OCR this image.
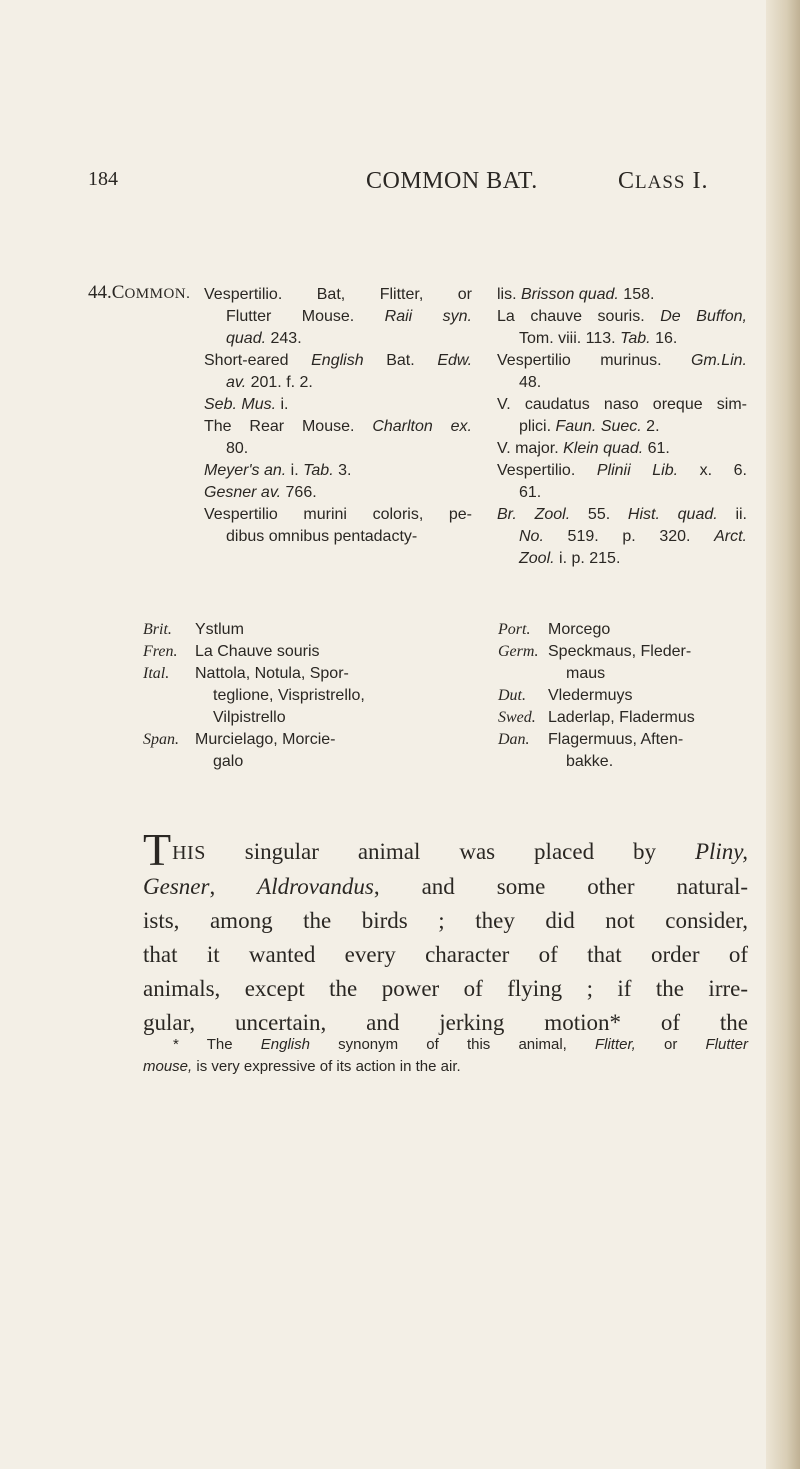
184	COMMON BAT.	CLASS I.
44.COMMON. Vespertilio. Bat, Flitter, or

Flutter Mouse. Raii syn.

quad. 243.

Short-eared English Bat. Edw.

av. 201. f. 2.

Seb. Mus. i.

The Rear Mouse. Charlton ex.

80.

Meyer's an. i. Tab. 3.

Gesner av. 766.

Vespertilio murini coloris, pe-

dibus omnibus pentadacty-

lis. Brisson quad. 158.

La chauve souris. De Buffon,

Tom. viii. 113. Tab. 16.

Vespertilio murinus. Gm.Lin.

48.

V. caudatus naso oreque sim-

plici. Faun. Suec. 2.

V. major. Klein quad. 61.

Vespertilio. Plinii Lib. x. 6.

61.

Br. Zool. 55. Hist. quad. ii.

No. 519. p. 320. Arct.

Zool. i. p. 215.

Brit.	Ystlum
Fren.	La Chauve souris
Ital.	Nattola, Notula, Spor-
teglione, Vispristrello,
Vilpistrello
Span.	Murcielago, Morcie-
galo
Port.	Morcego
Germ. Speckmaus, Fleder-
maus
Dut.	Vledermuys
Swed. Laderlap, Fladermus
Dan.	Flagermuus, Aften-
bakke.
T HIS singular animal was placed by Pliny,
Gesner, Aldrovandus, and some other natural-
ists, among the birds ; they did not consider,
that it wanted every character of that order of
animals, except the power of flying ; if the irre-
gular, uncertain, and jerking motion* of the
* The English synonym of this animal, Flitter, or Flutter
mouse, is very expressive of its action in the air.
